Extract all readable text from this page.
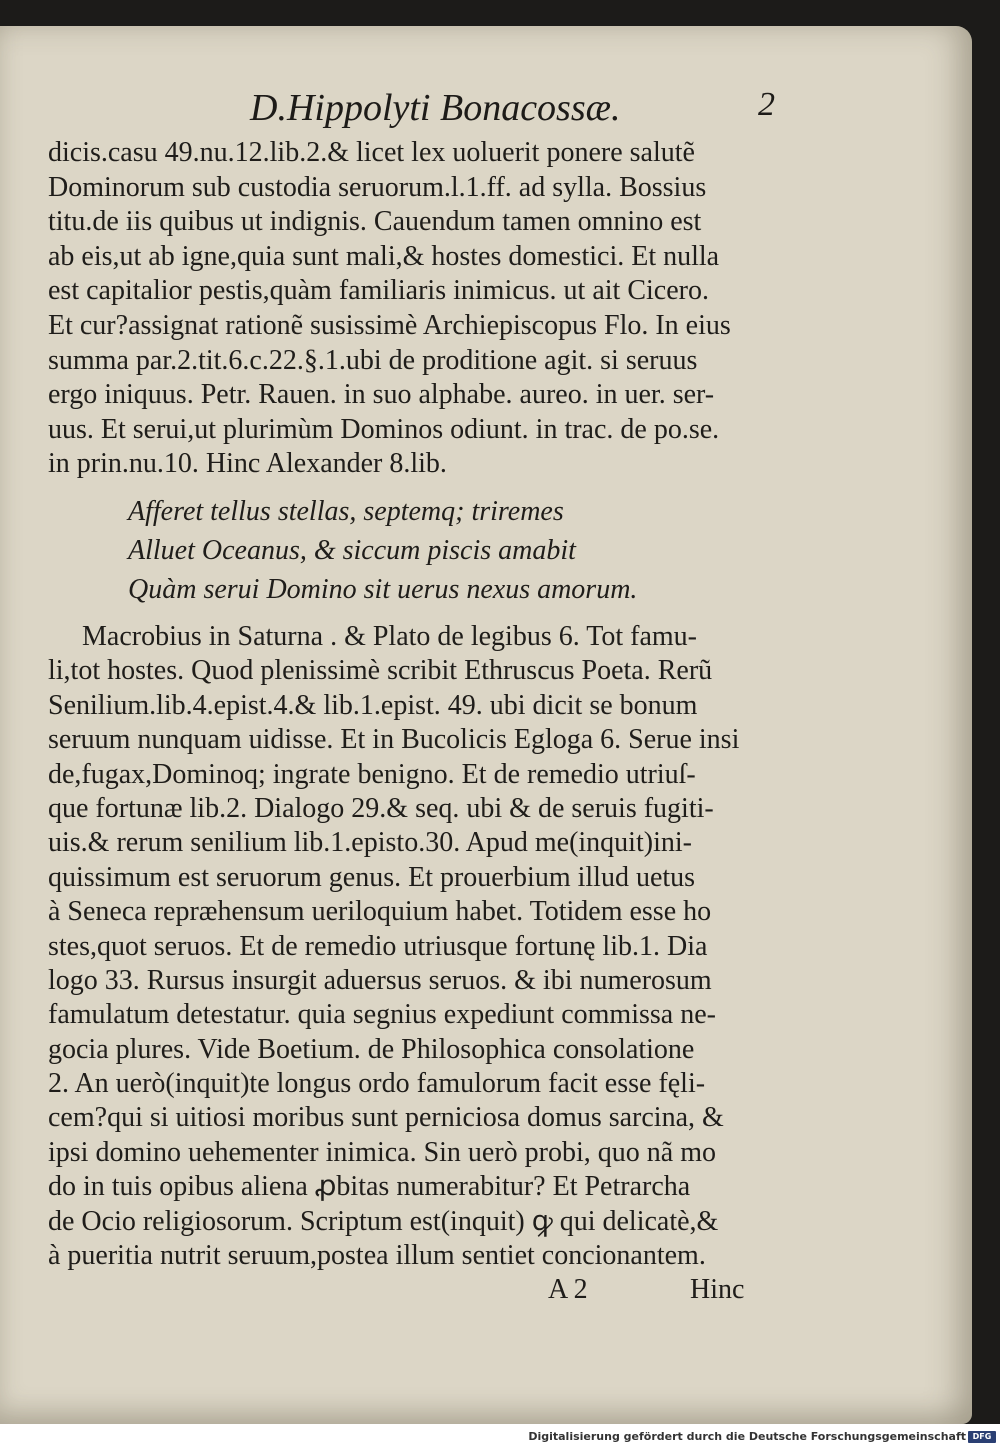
D.Hippolyti Bonacossæ.	2
dicis.casu 49.nu.12.lib.2.& licet lex uoluerit ponere salutẽ
Dominorum sub custodia seruorum.l.1.ff. ad sylla. Bossius
titu.de iis quibus ut indignis. Cauendum tamen omnino est
ab eis,ut ab igne,quia sunt mali,& hostes domestici. Et nulla
est capitalior pestis,quàm familiaris inimicus. ut ait Cicero.
Et cur?assignat rationẽ susissimè Archiepiscopus Flo. In eius
summa par.2.tit.6.c.22.§.1.ubi de proditione agit. si seruus
ergo iniquus. Petr. Rauen. in suo alphabe. aureo. in uer. ser-
uus. Et serui,ut plurimùm Dominos odiunt. in trac. de po.se.
in prin.nu.10. Hinc Alexander 8.lib.
Afferet tellus stellas, septemq; triremes
Alluet Oceanus, & siccum piscis amabit
Quàm serui Domino sit uerus nexus amorum.
Macrobius in Saturna . & Plato de legibus 6. Tot famu-
li,tot hostes. Quod plenissimè scribit Ethruscus Poeta. Rerũ
Senilium.lib.4.epist.4.& lib.1.epist. 49. ubi dicit se bonum
seruum nunquam uidisse. Et in Bucolicis Egloga 6. Serue insi
de,fugax,Dominoq; ingrate benigno. Et de remedio utriuſ-
que fortunæ lib.2. Dialogo 29.& seq. ubi & de seruis fugiti-
uis.& rerum senilium lib.1.episto.30. Apud me(inquit)ini-
quissimum est seruorum genus. Et prouerbium illud uetus
à Seneca repræhensum ueriloquium habet. Totidem esse ho
stes,quot seruos. Et de remedio utriusque fortunę lib.1. Dia
logo 33. Rursus insurgit aduersus seruos. & ibi numerosum
famulatum detestatur. quia segnius expediunt commissa ne-
gocia plures. Vide Boetium. de Philosophica consolatione
2. An uerò(inquit)te longus ordo famulorum facit esse fęli-
cem?qui si uitiosi moribus sunt perniciosa domus sarcina, &
ipsi domino uehementer inimica. Sin uerò probi, quo nã mo
do in tuis opibus aliena ꝓbitas numerabitur? Et Petrarcha
de Ocio religiosorum. Scriptum est(inquit) ꝙ qui delicatè,&
à pueritia nutrit seruum,postea illum sentiet concionantem.
A 2	Hinc
Digitalisierung gefördert durch die Deutsche Forschungsgemeinschaft DFG
